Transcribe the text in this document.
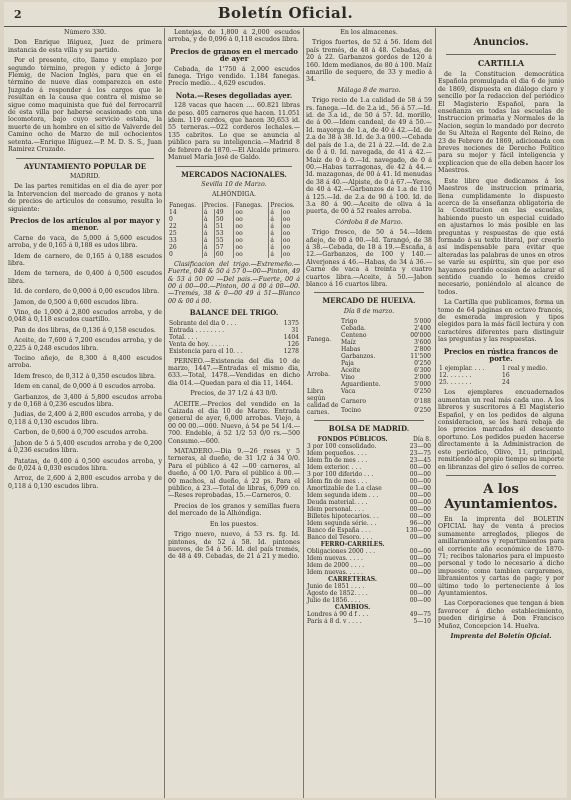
2	Boletín Oficial.

Número 330.

Don Enrique Iñiguez, Juez de primera instancia de esta villa y su partido.

Por el presente, cito, llamo y emplazo por segundo término, pregon y edicto á Jorge Flemig, de Nacion Inglés, para que en el término de nueve dias comparezca en este Juzgado á responder á los cargos que le resultan en la causa que contra el mismo se sigue como maquinista que fué del ferrocarril de esta villa por haberse ocasionado con una locomotora, bajo cuyo servicio estaba, la muerte de un hombre en el sitio de Valverde del Camino ocho de Marzo de mil ochocientos setenta.—Enrique Iñiguez.—P. M. D. S. S., Juan Ramirez Cruzado.

AYUNTAMIENTO POPULAR DE

MADRID.

De las partes remitidas en el dia de ayer por la Intervencion del mercado de granos y nota de precios de artículos de consumo, resulta lo siguiente:

Precios de los artículos al por mayor y menor.

Carne de vaca, de 5,000 á 5,600 escudos arroba, y de 0,165 á 0,188 es udos libra.

Idem de carnero, de 0,165 á 0,188 escudos libra.

Idem de ternera, de 0,400 á 0,500 escudos libra.

Id. de cordero, de 0,000 á 0,00 escudos libra.

Jamon, de 0,500 á 0,600 escudos libra.

Vino, de 1,000 á 2,800 escudos arroba, y de 0,048 á 0,118 escudos cuartillo.

Pan de dos libras, de 0,136 á 0,158 escudos.

Aceite, de 7,600 á 7,200 escudos arroba, y de 0,225 á 0,248 escudos libra.

Tocino añejo, de 8,300 á 8,400 escudos arroba.

Idem fresco, de 0,312 á 0,350 escudos libra.

Idem en canal, de 0,000 á 0 escudos arroba.

Garbanzos, de 3,400 á 5,800 escudos arroba y de 0,168 á 0,236 escudos libra.

Judias, de 2,400 á 2,800 escudos arroba, y de 0,118 á 0,130 escudos libra.

Carbon, de 0,600 á 0,700 escudos arroba.

Jabon de 5 á 5,400 escudos arroba y de 0,200 á 0,236 escudos libra.

Patatas, de 0,400 á 0,500 escudos arroba, y de 0,024 á 0,030 escudos libra.

Arroz, de 2,600 á 2,800 escudos arroba y de 0,118 á 0,130 escudos libra.

Lentejas, de 1,800 á 2,000 escudos arroba, y de 0,096 á 0,118 escudos libra.

Precios de granos en el mercado de ayer

Cebada, de 1'750 á 2,000 escudos fanega. Trigo vendido. 1.184 fanegas. Precio medio... 4,629 escudos.

Nota.—Reses degolladas ayer.

128 vacas que hacen .... 60.821 libras de peso. 405 carneros que hacen. 11.051 idem. 119 cerdos, que hacen 30,653 id. 55 terneras.—022 corderos lechales.—135 cabritos. Lo que se anuncia al público para su inteligencia.—Madrid 8 de febrero de 1870.—El Alcalde primero. Manuel María José de Galdo.

MERCADOS NACIONALES.

Sevilla 10 de Marzo.

ALHÓNDIGA.

Fanegas.	Precios.		Fanegas.	Precios.	
14	á	49	oo	á	oo
0	á	50	oo	á	oo
22	á	51	oo	á	oo
25	á	53	oo	á	oo
33	á	55	oo	á	oo
26	á	57	oo	á	oo
0	á	60	oo	á	oo

Clasificacion del trigo.—Extremeño.—Fuerte, 048 & 50 á 57 0—00—Pinton, 49 & 53 á 50 00 —Del pais.—Fuerte, 00 á 00 á 00—00.—Pinton, 00 á 00 á 00—00.—Tremés, 38 & 0—00 49 á 51—Blanco 00 & 00 á 00.

BALANCE DEL TRIGO.
Sobrante del dia 0 . . .	1375
Entrada . . . . . . . .	31
Total. . . .	1404
Venta de hoy. . . . . .	126
Existencia para el 10. . .	1278

PERNEO.—Existencia del dia 10 de marzo, 1447.—Entradas el mismo dia, 633.—Total, 1478.—Vendidas en dicho dia 014.—Quedan para el dia 11, 1464.

Precios, de 37 1/2 á 43 0/0.

ACEITE.—Precios del vendido en la Caizada el dia 10 de Marzo. Entrada general de ayer, 6,000 arrobas. Viejo, á 00 00 00.—000. Nuevo, á 54 pe 54 1/4.—700. Endeble, á 52 1/2 53 0/0 rs.—500 Consumo.—600.

MATADERO.—Dia 9.—26 reses y 5 terneras, al dueño, de 31 1/2 á 34 0/0. Para el público á 42 —00 carneros, al dueño, á 00 1/0. Para el público á 00.—00 machos, al dueño, á 22 ps. Para el público, á 23.—Total de libras, 6,099 co.—Reses reprobadas, 15.—Carneros, 0.

Precios de los granos y semillas fuera del mercado de la Alhóndiga.

En los puestos.

Trigo nuevo, nuevo, á 53 rs. fg. Id. pintones, de 52 á 58. Id. pintones nuevos, de 54 á 56. Id. del país tremés, de 48 á 49. Cebadas, de 21 á 21 y medio.

En los almacenes.

Trigos fuertes, de 52 á 56. Idem del país tremés, de 48 á 48. Cebadas, de 20 á 22. Garbanzos gordos de 120 á 160. Idem medianos, de 80 á 100. Maíz amarillo de sequero, de 33 y medio á 34.

Málaga 8 de marzo.

Trigo recio de 1.a calidad de 58 á 59 rs. fanega.—Id. de 2.a id., 56 á 57.—Id. id. de 3.a id., de 50 á 57. Id. morillo, de á 00.—Idem candeal, de 49 á 50.—Id. mayorga de 1.a, de 40 á 42.—Id. de 2.a de 38 á 38. Id. de 3.a 000.—Cebada del país de 1.a, de 21 á 22.—Id. de 2.a de 0 á 0. Id. navegada, de 41 á 42.—Maíz de 0 á 0.—Id. navegado, de 0 á 00.—Habas tarragonas, de 42 á 44.—Id. mazagonas, de 00 á 41. Id menudas de 38 á 40.—Alpiste, de 0 á 67.—Yeros, de 40 á 42.—Garbanzos de 1.a de 110 á 125.—Id. de 2.a de 90 á 100. Id. de 3.a 80 á 90.—Aceite de oliva á la puerta, de 00 á 52 reales arroba.

Córdoba 8 de Marzo.

Trigo fresco, de 50 á 54.—Idem añejo, de 00 á 00.—Id. Tarangó, de 38 á 38.—Cebada, de 18 á 19.—Escaña, á 12.—Garbanzos, de 100 y 140.—Alverjones á 46.—Habas, de 34 á 36.—Carne de vaca á treinta y cuatro cuartos libra.—Aceite, á 50.—Jabon blanco á 16 cuartos libra.

MERCADO DE HUELVA.

Día 8 de marzo.

Fanega.	Trigo	5'000
	Cebada.	2'400
	Centeno	00'000
	Maíz	3'600
	Habas	2'800
	Garbanzos.	11'500
Arroba.	Paja	0'250
	Aceite	6'300
	Vino	2'000
	Aguardiente.	5'000
Libra según calidad de carnes.	Vaca	0'250
	Carnero	0'188
	Tocino	0'250
BOLSA DE MADRID.
FONDOS PÚBLICOS.	Día 8.
3 por 100 consolidado.	23—00
Idem pequeños. . . .	23—75
Idem fin de mes . . .	23—45
Idem exterior. . . .	00—00
3 por 100 diferido . . .	00—00
Idem fin de mes . . .	00—00
Amortizable de 1.a clase	00—00
Idem segunda idem . . .	00—00
Deuda material. . . .	00—00
Idem personal. . . .	00—00
Billetes hipotecarios. . .	00—00
Idem segunda série. . .	96—00
Banco de España . . .	130—00
Banco del Tesoro. . . .	00—00
FERRO-CARRILES.	
Obligaciones 2000 . . .	00—00
Idem nuevas. . . . .	00—00
Idem de 2000 . . . .	00—00
Idem nuevas. . . . .	00—00
CARRETERAS.	
Junio de 1851 . . . .	00—00
Agosto de 1852. . . .	00—00
Julio de 1856. . . .	00—00
CAMBIOS.	
Londres á 90 d f . . .	49—75
París á 8 d. v . . . .	5—10
Anuncios.
CARTILLA

de la Constitucion democrática Española promulgada el dia 6 de junio de 1869, dispuesta en diálogo claro y sencillo por la redaccion del periódico El Magisterio Español, para la enseñanza en todas las escuelas de Instruccion primaria y Normales de la Nacion, según lo mandado por decreto de Su Alteza el Regente del Reino, de 23 de Febrero de 1869, adicionada con breves nociones de Derecho Político para su mejor y fácil inteligencia y explicacion que de ella deben hacer los Maestros.

Este libro que dedicamos á los Maestros de instruccion primaria, llena cumplidamente lo dispuesto acerca de la enseñanza obligatoria de la Constitucion en las escuelas, habiendo puesto un especial cuidado en ajustarnos lo más posible en las preguntas y respuestas de que está formado á su texto literal, por creerlo así indispensable para evitar que alteradas las palabras de unos en otros se varíe su espíritu, sin que por eso hayamos perdido ocasion de aclarar el sentido cuando lo hemos creido necesario, poniéndolo al alcance de todos.

La Cartilla que publicamos, forma un tomo de 64 páginas en octavo francés, de esmerada impresion y tipos elegidos para la más fácil lectura y con caractéres diferentes para distinguir las preguntas y las respuestas.

Precios en rústica francos de porte.
1 ejemplar. . . .	1 real y medio.
12. . . . . . .	16
25. . . . . . .	24

Los ejemplares encuadernados aumentan un real más cada uno. A los libreros y suscritores á El Magisterio Español, y en los pedidos de alguna consideracion, se les hará rebaja de los precios marcados el descuento oportuno. Los pedidos pueden hacerse directamente á la Administracion de este periódico, Olivo, 11, principal, remitiendo al propio tiempo su importe en libranzas del giro ó sellos de correo.

A los Ayuntamientos.

En la imprenta del BOLETIN OFICIAL hay de venta á precios sumamente arreglados, pliegos de amillaramientos y repartimientos para el corriente año económico de 1870-71; recibos talonarios para el impuesto personal y todo lo necesario á dicho impuesto; como tambien cargaremes, libramientos y cartas de pago; y por último todo lo perteneciente á los Ayuntamientos.

Las Corporaciones que tengan á bien favorecer á dicho establecimiento, pueden dirigirse á Don Francisco Muñoz, Concepcion 14. Huelva.

Imprenta del Boletín Oficial.
